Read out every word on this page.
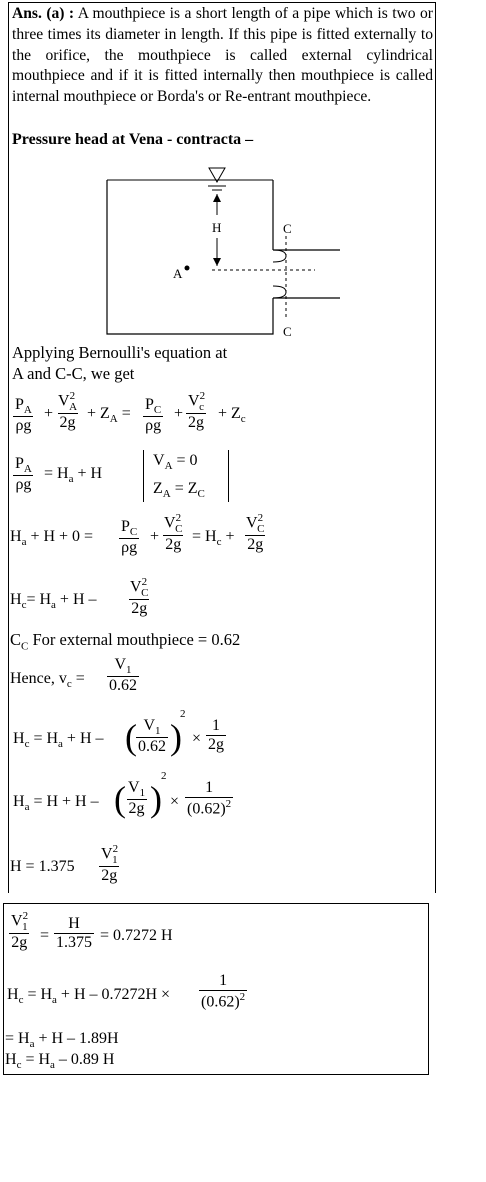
Ans. (a) : A mouthpiece is a short length of a pipe which is two or three times its diameter in length. If this pipe is fitted externally to the orifice, the mouthpiece is called external cylindrical mouthpiece and if it is fitted internally then mouthpiece is called internal mouthpiece or Borda's or Re-entrant mouthpiece.
Pressure head at Vena - contracta –
H	C
C
A
Applying Bernoulli's equation at
A and C-C, we get
$\frac{P_A}{\rho g} + \frac{V^2_A}{2g} + Z_A = \frac{P_C}{\rho g} + \frac{V^2_c}{2g} + Z_c$
$\frac{P_A}{\rho g} = H_a + H$
$V_A = 0$
$Z_A = Z_C$
$H_a + H + 0 = \frac{P_C}{\rho g} + \frac{V^2_C}{2g} = H_c + \frac{V^2_C}{2g}$
$H_c= H_a + H - \frac{V^2_C}{2g}$
$C_C$ For external mouthpiece = 0.62
Hence, $v_c = \frac{V_1}{0.62}$
$H_c = H_a + H$ – ( $\frac{V_1}{0.62}$ )
2
× $\frac{1}{2g}$
$H_a = H + H$ – ( $\frac{V_1}{2g}$ )
2
× $\frac{1}{(0.62)^2}$
$H = 1.375 \frac{V^2_1}{2g}$
$\frac{V^2_1}{2g} = \frac{H}{1.375} = 0.7272$ H
$H_c = H_a + H - 0.7272H \times \frac{1}{(0.62)^2}$
= $H_a + H - 1.89H$
$H_c = H_a - 0.89$ H
